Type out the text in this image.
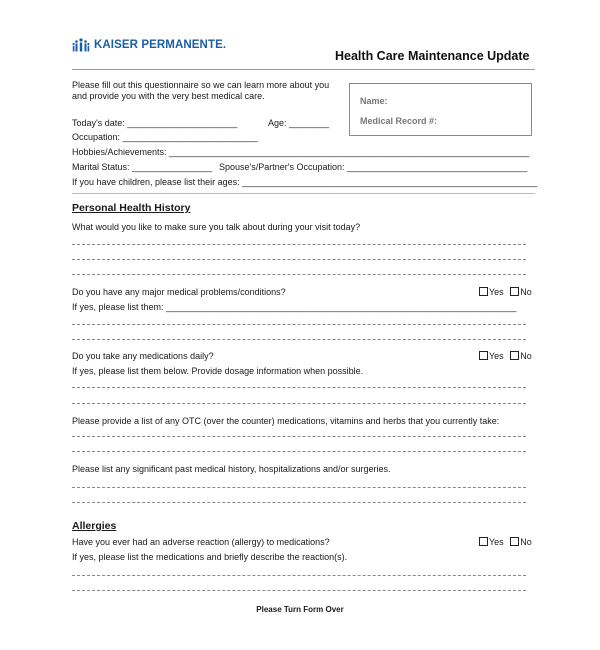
KAISER PERMANENTE.
Health Care Maintenance Update
Please fill out this questionnaire so we can learn more about you
and provide you with the very best medical care.	Name:
Medical Record #:
Today's date: ______________________	Age: ________
Occupation: ___________________________
Hobbies/Achievements: ________________________________________________________________________
Marital Status: ________________ Spouse's/Partner's Occupation: ____________________________________
If you have children, please list their ages: ___________________________________________________________
Personal Health History
What would you like to make sure you talk about during your visit today?
Do you have any major medical problems/conditions?	Yes No
If yes, please list them: ______________________________________________________________________
Do you take any medications daily?	Yes No
If yes, please list them below. Provide dosage information when possible.
Please provide a list of any OTC (over the counter) medications, vitamins and herbs that you currently take:
Please list any significant past medical history, hospitalizations and/or surgeries.
Allergies
Have you ever had an adverse reaction (allergy) to medications?	Yes No
If yes, please list the medications and briefly describe the reaction(s).
Please Turn Form Over
